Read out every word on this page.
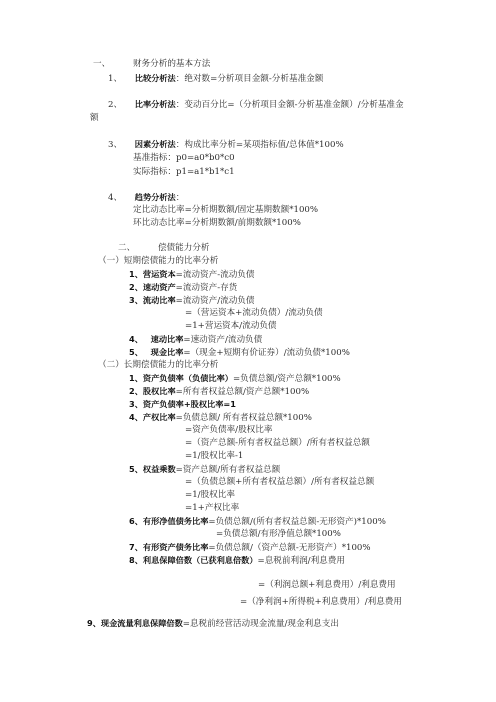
一、	财务分析的基本方法
1、 比较分析法：绝对数=分析项目金额-分析基准金额
2、 比率分析法：变动百分比=（分析项目金额-分析基准金额）/分析基准金额
3、 因素分析法：构成比率分析=某项指标值/总体值*100%
基准指标：p0=a0*b0*c0
实际指标：p1=a1*b1*c1
4、 趋势分析法：
定比动态比率=分析期数额/固定基期数额*100%
环比动态比率=分析期数额/前期数额*100%
二、	偿债能力分析
（一）短期偿债能力的比率分析
1、营运资本=流动资产-流动负债
2、速动资产=流动资产-存货
3、流动比率=流动资产/流动负债
=（营运资本+流动负债）/流动负债
=1+营运资本/流动负债
4、 速动比率=速动资产/流动负债
5、 现金比率=（现金+短期有价证券）/流动负债*100%
（二）长期偿债能力的比率分析
1、资产负债率（负债比率）=负债总额/资产总额*100%
2、股权比率=所有者权益总额/资产总额*100%
3、资产负债率+股权比率=1
4、产权比率=负债总额/ 所有者权益总额*100%
=资产负债率/股权比率
=（资产总额-所有者权益总额）/所有者权益总额
=1/股权比率-1
5、权益乘数=资产总额/所有者权益总额
=（负债总额+所有者权益总额）/所有者权益总额
=1/股权比率
=1+产权比率
6、有形净值债务比率=负债总额/(所有者权益总额-无形资产)*100%
=负债总额/有形净值总额*100%
7、有形资产债务比率=负债总额/（资产总额-无形资产）*100%
8、利息保障倍数（已获利息倍数）=息税前利润/利息费用
=（利润总额+利息费用）/利息费用
=（净利润+所得税+利息费用）/利息费用
9、现金流量利息保障倍数=息税前经营活动现金流量/现金利息支出
